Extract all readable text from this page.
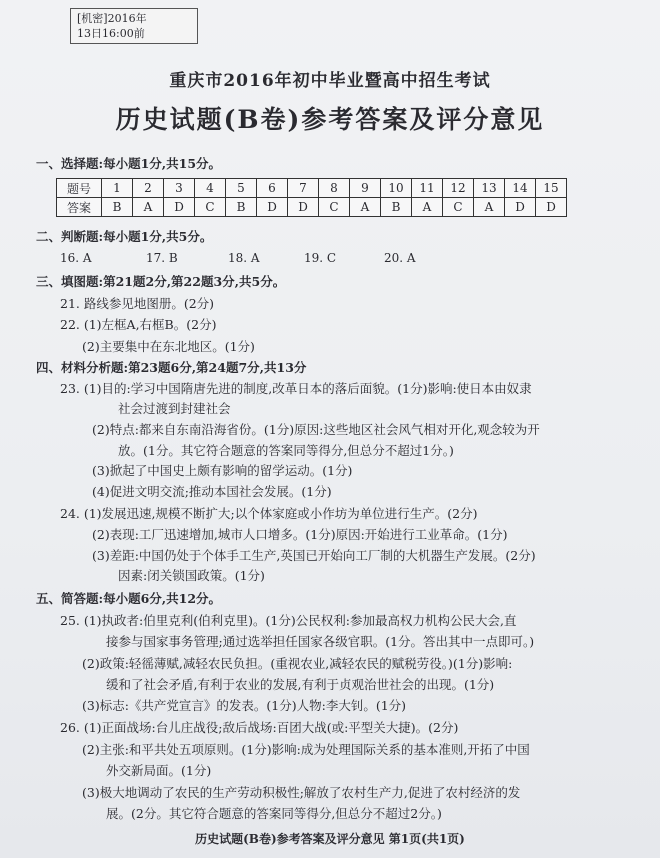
[机密]2016年
13日16:00前
重庆市2016年初中毕业暨高中招生考试
历史试题(B卷)参考答案及评分意见
一、选择题:每小题1分,共15分。
题号	1	2	3	4	5	6	7	8	9	10	11	12	13	14	15
答案	B	A	D	C	B	D	D	C	A	B	A	C	A	D	D
二、判断题:每小题1分,共5分。
16. A	17. B	18. A	19. C	20. A
三、填图题:第21题2分,第22题3分,共5分。
21. 路线参见地图册。(2分)
22. (1)左框A,右框B。(2分)
(2)主要集中在东北地区。(1分)
四、材料分析题:第23题6分,第24题7分,共13分
23. (1)目的:学习中国隋唐先进的制度,改革日本的落后面貌。(1分)影响:使日本由奴隶
社会过渡到封建社会
(2)特点:都来自东南沿海省份。(1分)原因:这些地区社会风气相对开化,观念较为开
放。(1分。其它符合题意的答案同等得分,但总分不超过1分。)
(3)掀起了中国史上颇有影响的留学运动。(1分)
(4)促进文明交流;推动本国社会发展。(1分)
24. (1)发展迅速,规模不断扩大;以个体家庭或小作坊为单位进行生产。(2分)
(2)表现:工厂迅速增加,城市人口增多。(1分)原因:开始进行工业革命。(1分)
(3)差距:中国仍处于个体手工生产,英国已开始向工厂制的大机器生产发展。(2分)
因素:闭关锁国政策。(1分)
五、简答题:每小题6分,共12分。
25. (1)执政者:伯里克利(伯利克里)。(1分)公民权利:参加最高权力机构公民大会,直
接参与国家事务管理;通过选举担任国家各级官职。(1分。答出其中一点即可。)
(2)政策:轻徭薄赋,减轻农民负担。(重视农业,减轻农民的赋税劳役。)(1分)影响:
缓和了社会矛盾,有利于农业的发展,有利于贞观治世社会的出现。(1分)
(3)标志:《共产党宣言》的发表。(1分)人物:李大钊。(1分)
26. (1)正面战场:台儿庄战役;敌后战场:百团大战(或:平型关大捷)。(2分)
(2)主张:和平共处五项原则。(1分)影响:成为处理国际关系的基本准则,开拓了中国
外交新局面。(1分)
(3)极大地调动了农民的生产劳动积极性;解放了农村生产力,促进了农村经济的发
展。(2分。其它符合题意的答案同等得分,但总分不超过2分。)
历史试题(B卷)参考答案及评分意见 第1页(共1页)
